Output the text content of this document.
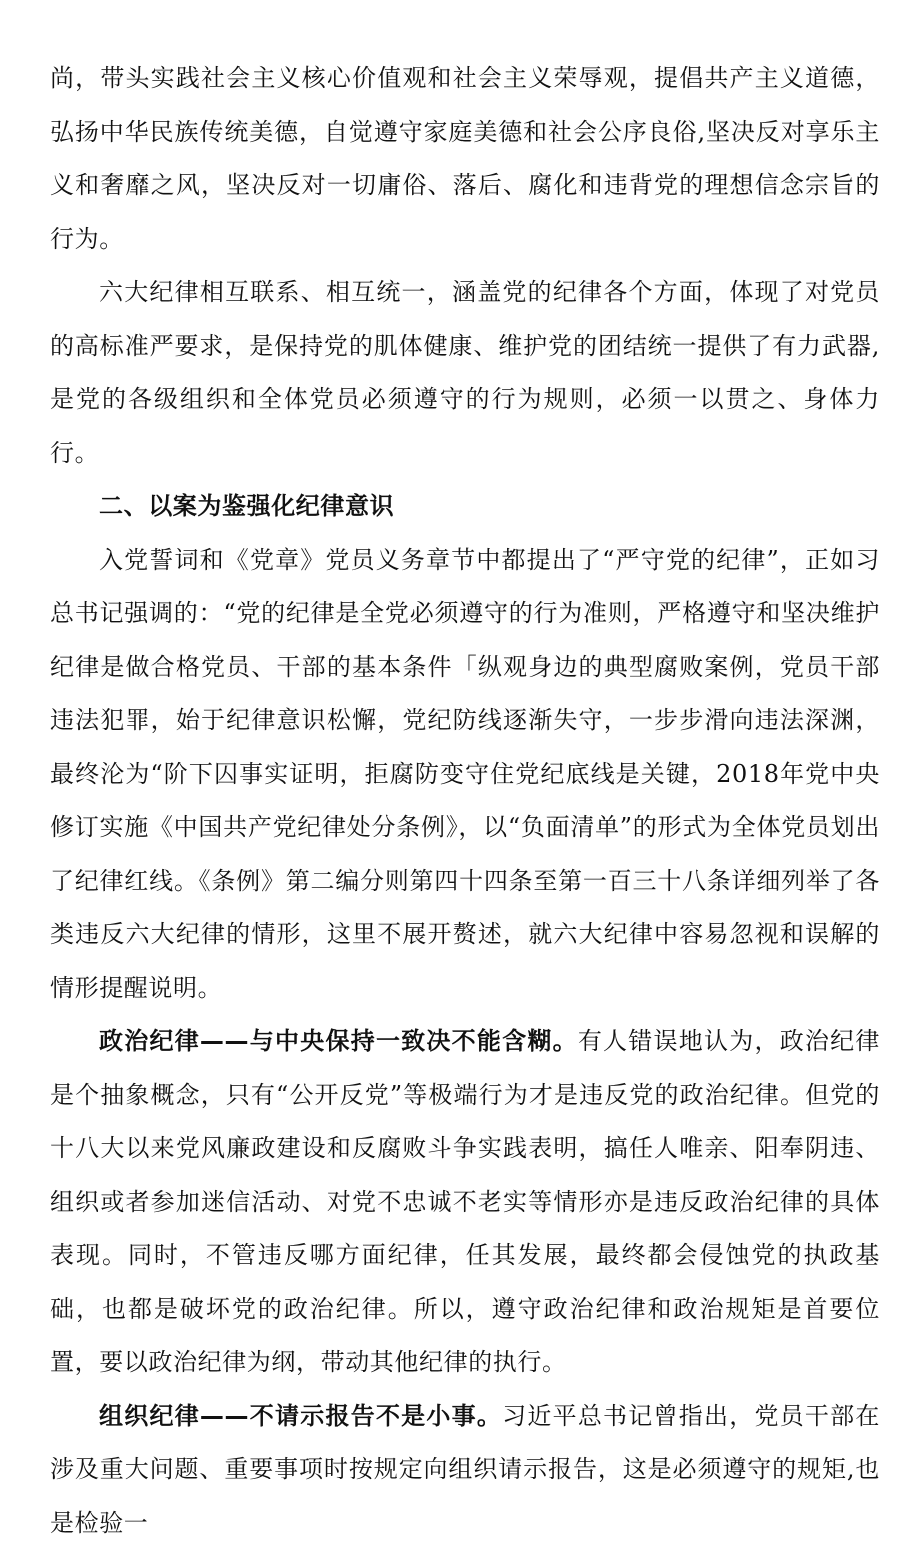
尚，带头实践社会主义核心价值观和社会主义荣辱观，提倡共产主义道德，弘扬中华民族传统美德，自觉遵守家庭美德和社会公序良俗,坚决反对享乐主义和奢靡之风，坚决反对一切庸俗、落后、腐化和违背党的理想信念宗旨的行为。

六大纪律相互联系、相互统一，涵盖党的纪律各个方面，体现了对党员的高标准严要求，是保持党的肌体健康、维护党的团结统一提供了有力武器,是党的各级组织和全体党员必须遵守的行为规则，必须一以贯之、身体力行。

二、以案为鉴强化纪律意识

入党誓词和《党章》党员义务章节中都提出了“严守党的纪律”，正如习总书记强调的：“党的纪律是全党必须遵守的行为准则，严格遵守和坚决维护纪律是做合格党员、干部的基本条件「纵观身边的典型腐败案例，党员干部违法犯罪，始于纪律意识松懈，党纪防线逐渐失守，一步步滑向违法深渊，最终沦为“阶下囚事实证明，拒腐防变守住党纪底线是关键，2018年党中央修订实施《中国共产党纪律处分条例》，以“负面清单”的形式为全体党员划出了纪律红线。《条例》第二编分则第四十四条至第一百三十八条详细列举了各类违反六大纪律的情形，这里不展开赘述，就六大纪律中容易忽视和误解的情形提醒说明。

政治纪律——与中央保持一致决不能含糊。有人错误地认为，政治纪律是个抽象概念，只有“公开反党”等极端行为才是违反党的政治纪律。但党的十八大以来党风廉政建设和反腐败斗争实践表明，搞任人唯亲、阳奉阴违、组织或者参加迷信活动、对党不忠诚不老实等情形亦是违反政治纪律的具体表现。同时，不管违反哪方面纪律，任其发展，最终都会侵蚀党的执政基础，也都是破坏党的政治纪律。所以，遵守政治纪律和政治规矩是首要位置，要以政治纪律为纲，带动其他纪律的执行。

组织纪律——不请示报告不是小事。习近平总书记曾指出，党员干部在涉及重大问题、重要事项时按规定向组织请示报告，这是必须遵守的规矩,也是检验一
